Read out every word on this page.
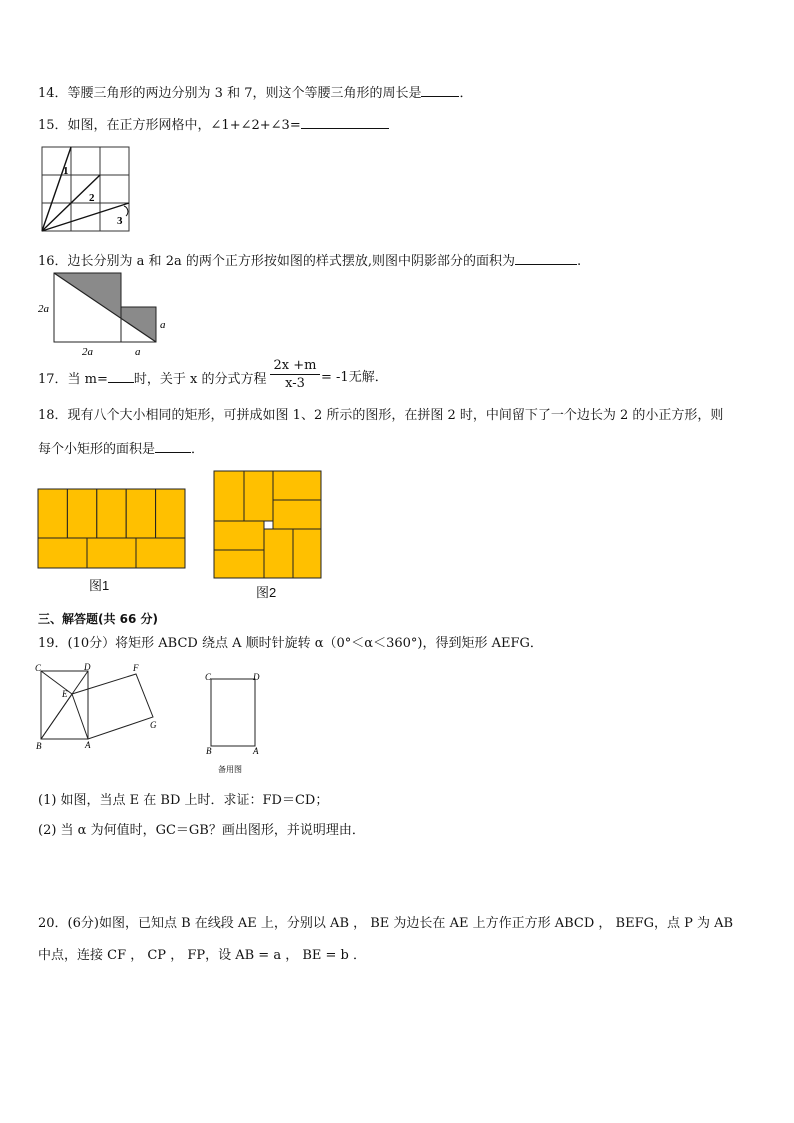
14．等腰三角形的两边分别为 3 和 7，则这个等腰三角形的周长是	．
15．如图，在正方形网格中，∠1+∠2+∠3=
1
2
3
16．边长分别为 a 和 2a 的两个正方形按如图的样式摆放,则图中阴影部分的面积为	.
2a
a
2a	a
17．当 m= 时，关于 x 的分式方程 $\frac{2x +m}{x-3} = -1$无解．
18．现有八个大小相同的矩形，可拼成如图 1、2 所示的图形，在拼图 2 时，中间留下了一个边长为 2 的小正方形，则
每个小矩形的面积是	．
图1	图2
三、解答题(共 66 分)
19．(10分）将矩形 ABCD 绕点 A 顺时针旋转 α（0°＜α＜360°)，得到矩形 AEFG．
C	D	F
E
G
B	A
C	D
B	A
备用图
(1) 如图，当点 E 在 BD 上时．求证：FD＝CD；
(2) 当 α 为何值时，GC＝GB？画出图形，并说明理由．
20．(6分)如图，已知点 B 在线段 AE 上，分别以 AB ， BE 为边长在 AE 上方作正方形 ABCD ， BEFG，点 P 为 AB
中点，连接 CF ， CP ， FP，设 AB = a ， BE = b ．
